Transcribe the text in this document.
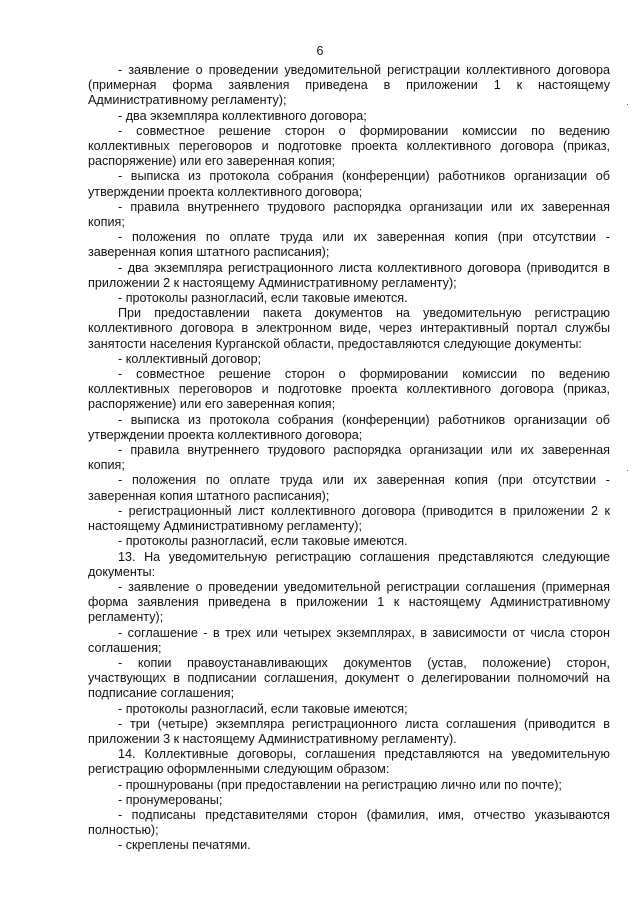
6

- заявление о проведении уведомительной регистрации коллективного договора (примерная форма заявления приведена в приложении 1 к настоящему Административному регламенту);

- два экземпляра коллективного договора;

- совместное решение сторон о формировании комиссии по ведению коллективных переговоров и подготовке проекта коллективного договора (приказ, распоряжение) или его заверенная копия;

- выписка из протокола собрания (конференции) работников организации об утверждении проекта коллективного договора;

- правила внутреннего трудового распорядка организации или их заверенная копия;

- положения по оплате труда или их заверенная копия (при отсутствии - заверенная копия штатного расписания);

- два экземпляра регистрационного листа коллективного договора (приводится в приложении 2 к настоящему Административному регламенту);

- протоколы разногласий, если таковые имеются.

При предоставлении пакета документов на уведомительную регистрацию коллективного договора в электронном виде, через интерактивный портал службы занятости населения Курганской области, предоставляются следующие документы:

- коллективный договор;

- совместное решение сторон о формировании комиссии по ведению коллективных переговоров и подготовке проекта коллективного договора (приказ, распоряжение) или его заверенная копия;

- выписка из протокола собрания (конференции) работников организации об утверждении проекта коллективного договора;

- правила внутреннего трудового распорядка организации или их заверенная копия;

- положения по оплате труда или их заверенная копия (при отсутствии - заверенная копия штатного расписания);

- регистрационный лист коллективного договора (приводится в приложении 2 к настоящему Административному регламенту);

- протоколы разногласий, если таковые имеются.

13. На уведомительную регистрацию соглашения представляются следующие документы:

- заявление о проведении уведомительной регистрации соглашения (примерная форма заявления приведена в приложении 1 к настоящему Административному регламенту);

- соглашение - в трех или четырех экземплярах, в зависимости от числа сторон соглашения;

- копии правоустанавливающих документов (устав, положение) сторон, участвующих в подписании соглашения, документ о делегировании полномочий на подписание соглашения;

- протоколы разногласий, если таковые имеются;

- три (четыре) экземпляра регистрационного листа соглашения (приводится в приложении 3 к настоящему Административному регламенту).

14. Коллективные договоры, соглашения представляются на уведомительную регистрацию оформленными следующим образом:

- прошнурованы (при предоставлении на регистрацию лично или по почте);

- пронумерованы;

- подписаны представителями сторон (фамилия, имя, отчество указываются полностью);

- скреплены печатями.
